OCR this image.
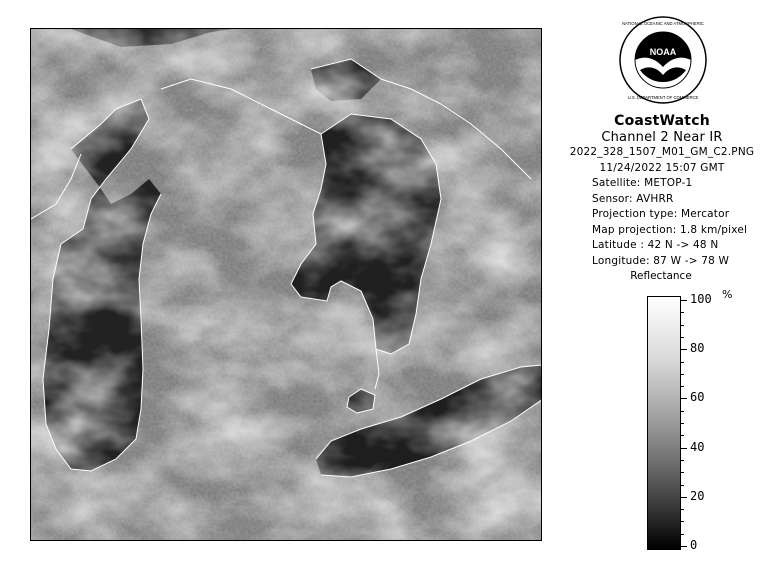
NOAA
NATIONAL OCEANIC AND ATMOSPHERIC
U.S. DEPARTMENT OF COMMERCE
CoastWatch
Channel 2 Near IR
2022_328_1507_M01_GM_C2.PNG
11/24/2022 15:07 GMT
Satellite: METOP-1
Sensor: AVHRR
Projection type: Mercator
Map projection: 1.8 km/pixel
Latitude : 42 N -> 48 N
Longitude: 87 W -> 78 W
Reflectance
%
100
80
60
40
20
0
